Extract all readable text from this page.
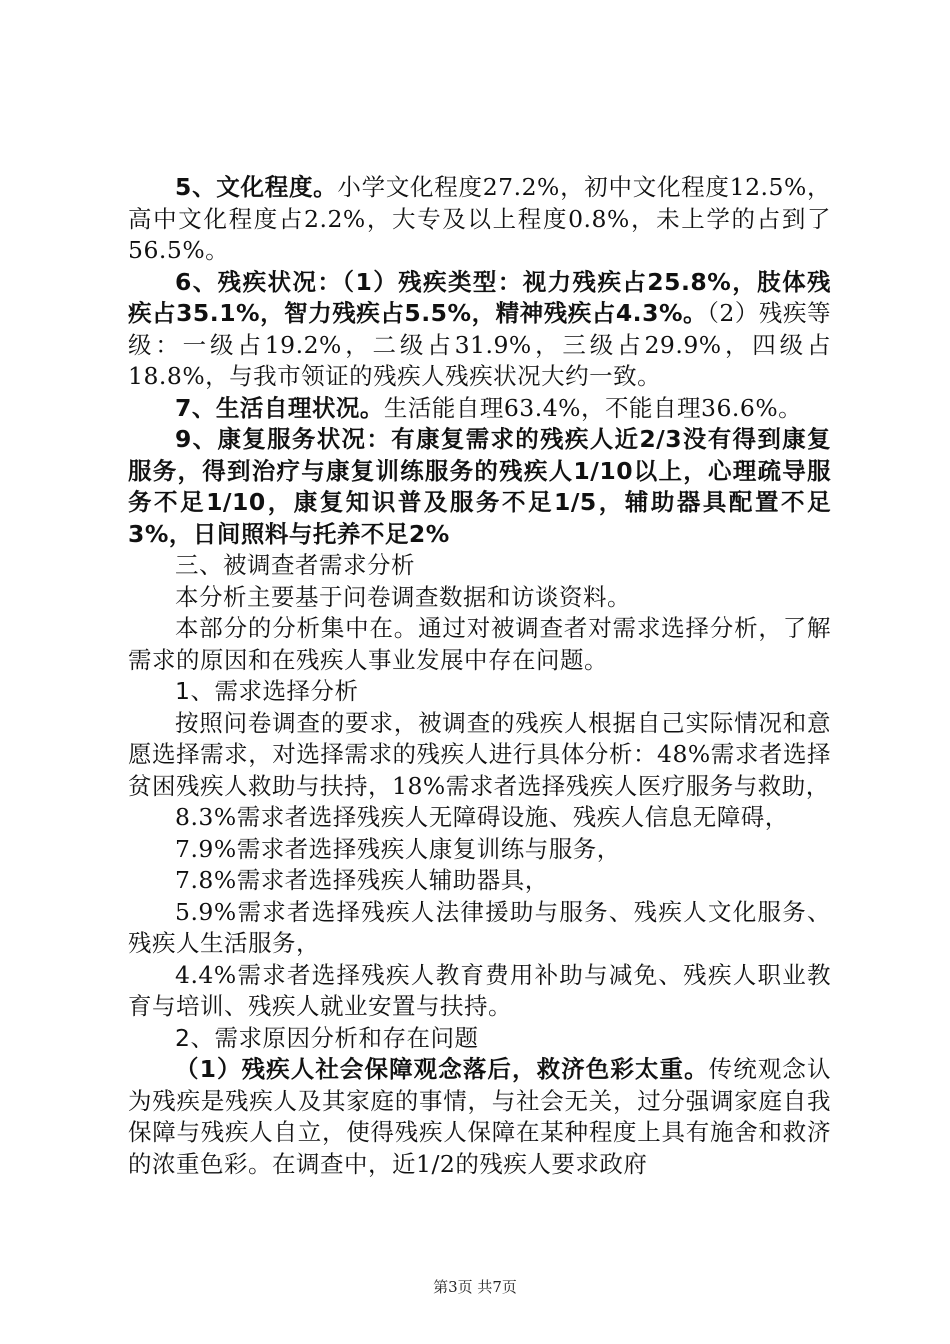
5、文化程度。小学文化程度27.2%，初中文化程度12.5%，高中文化程度占2.2%，大专及以上程度0.8%，未上学的占到了56.5%。

6、残疾状况：（1）残疾类型：视力残疾占25.8%，肢体残疾占35.1%，智力残疾占5.5%，精神残疾占4.3%。（2）残疾等级：一级占19.2%，二级占31.9%，三级占29.9%，四级占18.8%，与我市领证的残疾人残疾状况大约一致。

7、生活自理状况。生活能自理63.4%，不能自理36.6%。

9、康复服务状况：有康复需求的残疾人近2/3没有得到康复服务，得到治疗与康复训练服务的残疾人1/10以上，心理疏导服务不足1/10，康复知识普及服务不足1/5，辅助器具配置不足3%，日间照料与托养不足2%

三、被调查者需求分析

本分析主要基于问卷调查数据和访谈资料。

本部分的分析集中在。通过对被调查者对需求选择分析，了解需求的原因和在残疾人事业发展中存在问题。

1、需求选择分析

按照问卷调查的要求，被调查的残疾人根据自己实际情况和意愿选择需求，对选择需求的残疾人进行具体分析：48%需求者选择贫困残疾人救助与扶持，18%需求者选择残疾人医疗服务与救助，

8.3%需求者选择残疾人无障碍设施、残疾人信息无障碍，

7.9%需求者选择残疾人康复训练与服务，

7.8%需求者选择残疾人辅助器具，

5.9%需求者选择残疾人法律援助与服务、残疾人文化服务、残疾人生活服务，

4.4%需求者选择残疾人教育费用补助与减免、残疾人职业教育与培训、残疾人就业安置与扶持。

2、需求原因分析和存在问题

（1）残疾人社会保障观念落后，救济色彩太重。传统观念认为残疾是残疾人及其家庭的事情，与社会无关，过分强调家庭自我保障与残疾人自立，使得残疾人保障在某种程度上具有施舍和救济的浓重色彩。在调查中，近1/2的残疾人要求政府

第3页 共7页
